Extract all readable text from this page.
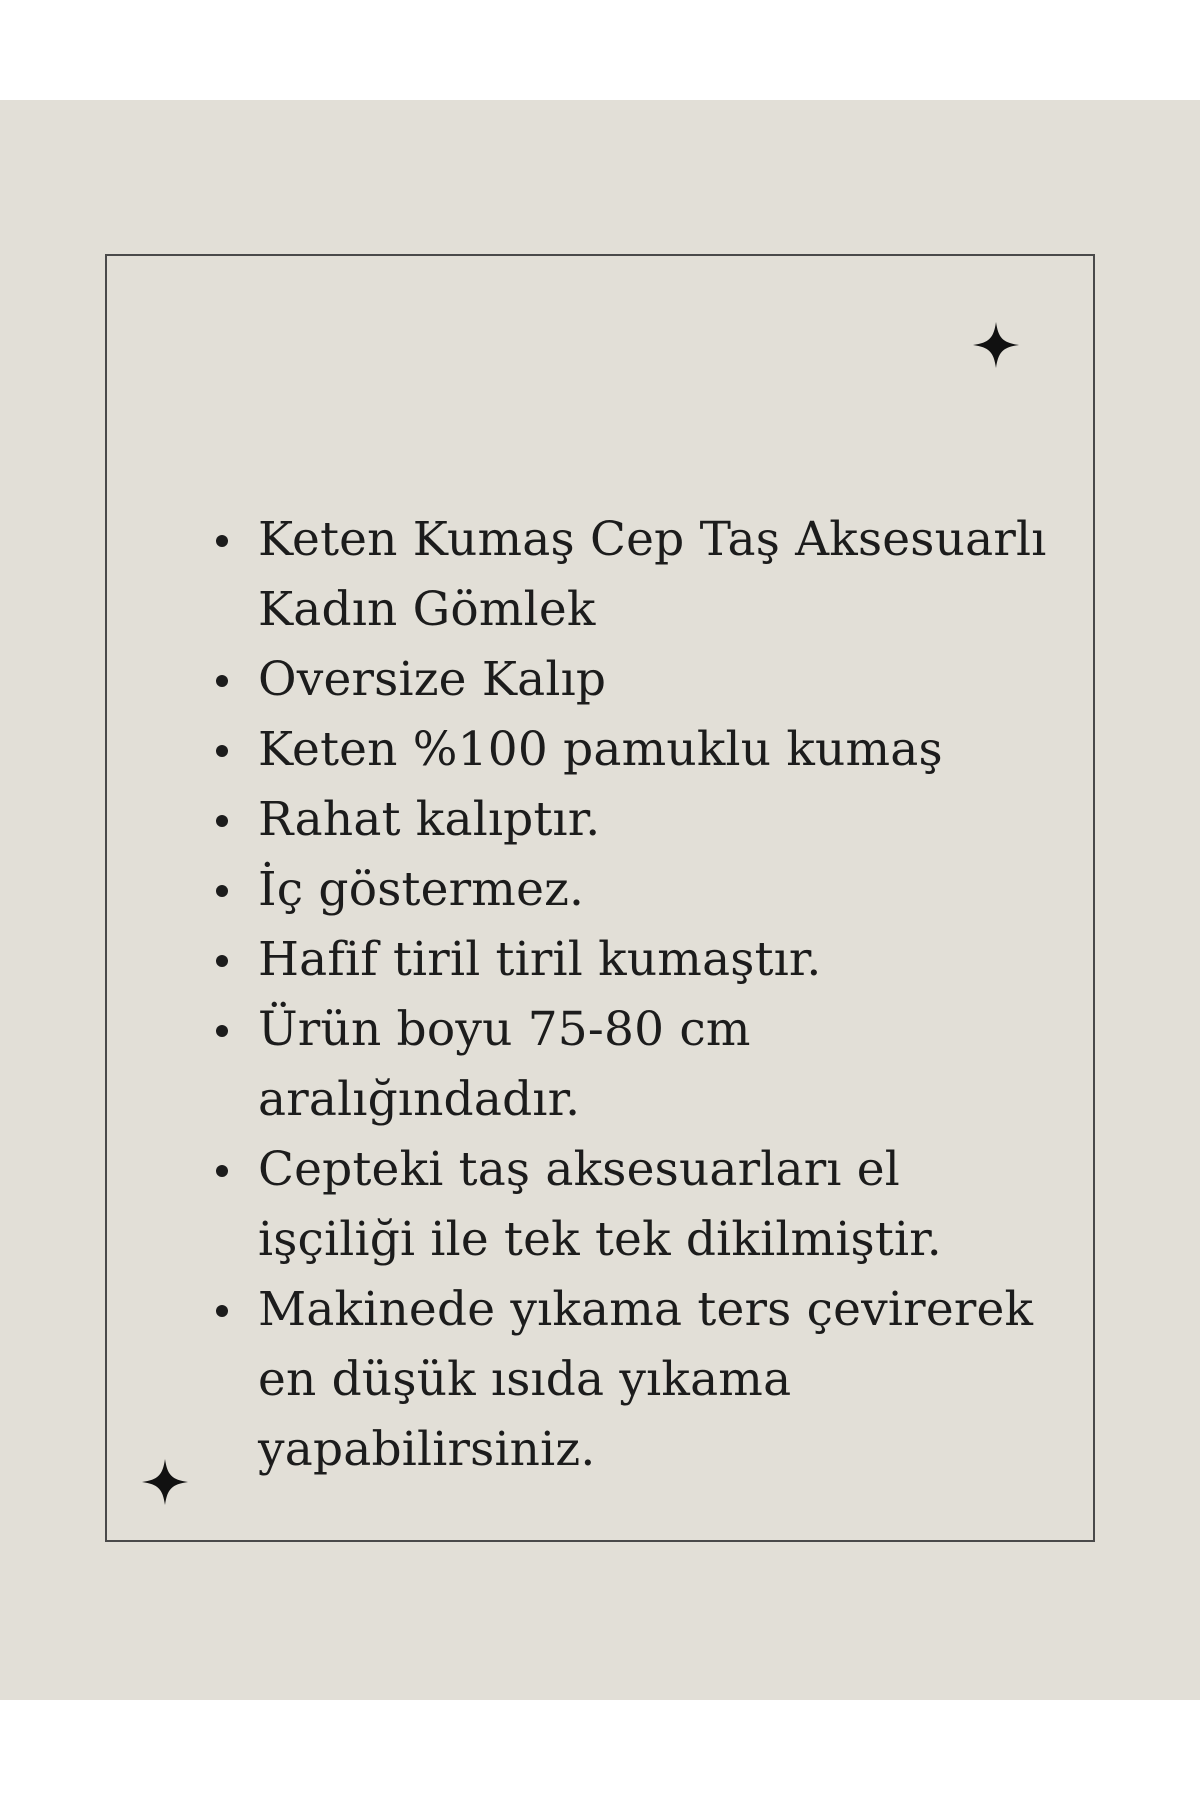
Keten Kumaş Cep Taş Aksesuarlı Kadın Gömlek
Oversize Kalıp
Keten %100 pamuklu kumaş
Rahat kalıptır.
İç göstermez.
Hafif tiril tiril kumaştır.
Ürün boyu 75-80 cm aralığındadır.
Cepteki taş aksesuarları el işçiliği ile tek tek dikilmiştir.
Makinede yıkama ters çevirerek en düşük ısıda yıkama yapabilirsiniz.
